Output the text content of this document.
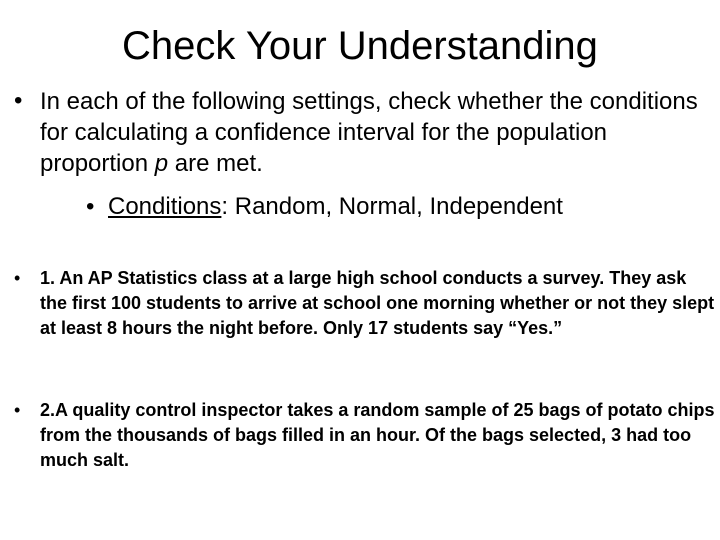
Check Your Understanding
• In each of the following settings, check whether the conditions for calculating a confidence interval for the population proportion p are met.
• Conditions: Random, Normal, Independent
• 1. An AP Statistics class at a large high school conducts a survey. They ask the first 100 students to arrive at school one morning whether or not they slept at least 8 hours the night before. Only 17 students say “Yes.”
• 2.A quality control inspector takes a random sample of 25 bags of potato chips from the thousands of bags filled in an hour. Of the bags selected, 3 had too much salt.
